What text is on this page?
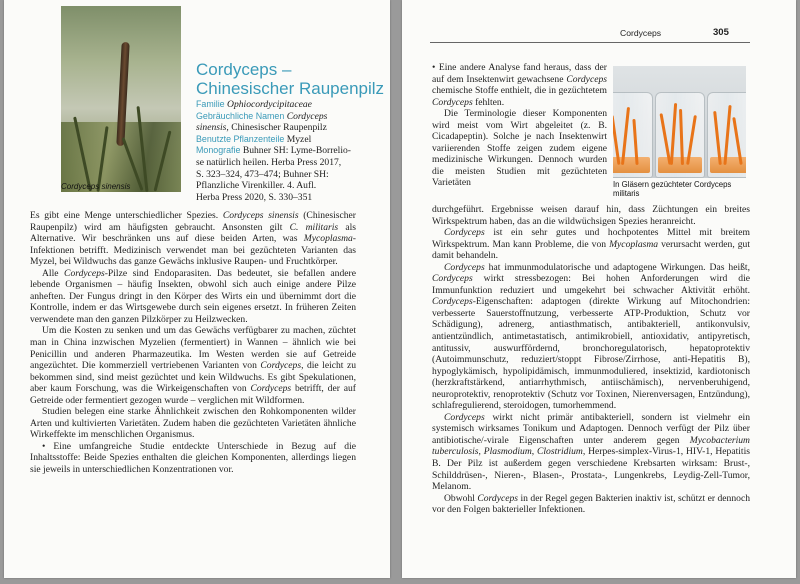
Cordyceps sinensis
Cordyceps –
Chinesischer Raupenpilz
Familie Ophiocordycipitaceae
Gebräuchliche Namen Cordyceps
sinensis, Chinesischer Raupenpilz
Benutzte Pflanzenteile Myzel
Monografie Buhner SH: Lyme-Borrelio-
se natürlich heilen. Herba Press 2017,
S. 323–324, 473–474; Buhner SH:
Pflanzliche Virenkiller. 4. Aufl.
Herba Press 2020, S. 330–351

Es gibt eine Menge unterschiedlicher Spezies. Cordyceps sinensis (Chinesischer Raupenpilz) wird am häufigsten gebraucht. Ansonsten gilt C. militaris als Alternative. Wir beschränken uns auf diese beiden Arten, was Mycoplasma-Infektionen betrifft. Medizinisch verwendet man bei gezüchteten Varianten das Myzel, bei Wildwuchs das ganze Gewächs inklusive Raupen- und Fruchtkörper.

Alle Cordyceps-Pilze sind Endoparasiten. Das bedeutet, sie befallen andere lebende Organismen – häufig Insekten, obwohl sich auch einige andere Pilze anheften. Der Fungus dringt in den Körper des Wirts ein und übernimmt dort die Kontrolle, indem er das Wirtsgewebe durch sein eigenes ersetzt. In früheren Zeiten verwendete man den ganzen Pilzkörper zu Heilzwecken.

Um die Kosten zu senken und um das Gewächs verfügbarer zu machen, züchtet man in China inzwischen Myzelien (fermentiert) in Wannen – ähnlich wie bei Penicillin und anderen Pharmazeutika. Im Westen werden sie auf Getreide angezüchtet. Die kommerziell vertriebenen Varianten von Cordyceps, die leicht zu bekommen sind, sind meist gezüchtet und kein Wildwuchs. Es gibt Spekulationen, aber kaum Forschung, was die Wirkeigenschaften von Cordyceps betrifft, der auf Getreide oder fermentiert gezogen wurde – verglichen mit Wildformen.

Studien belegen eine starke Ähnlichkeit zwischen den Rohkomponenten wilder Arten und kultivierten Varietäten. Zudem haben die gezüchteten Varietäten ähnliche Wirkeffekte im menschlichen Organismus.

• Eine umfangreiche Studie entdeckte Unterschiede in Bezug auf die Inhaltsstoffe: Beide Spezies enthalten die gleichen Komponenten, allerdings liegen sie jeweils in unterschiedlichen Konzentrationen vor.

Cordyceps	305
In Gläsern gezüchteter Cordyceps militaris

• Eine andere Analyse fand heraus, dass der auf dem Insektenwirt gewachsene Cordyceps chemische Stoffe enthielt, die in gezüchtetem Cordyceps fehlten.

Die Terminologie dieser Komponenten wird meist vom Wirt abgeleitet (z. B. Cicadapeptin). Solche je nach Insektenwirt variierenden Stoffe zeigen zudem eigene medizinische Wirkungen. Dennoch wurden die meisten Studien mit gezüchteten Varietäten

durchgeführt. Ergebnisse weisen darauf hin, dass Züchtungen ein breites Wirkspektrum haben, das an die wildwüchsigen Spezies heranreicht.

Cordyceps ist ein sehr gutes und hochpotentes Mittel mit breitem Wirkspektrum. Man kann Probleme, die von Mycoplasma verursacht werden, gut damit behandeln.

Cordyceps hat immunmodulatorische und adaptogene Wirkungen. Das heißt, Cordyceps wirkt stressbezogen: Bei hohen Anforderungen wird die Immunfunktion reduziert und umgekehrt bei schwacher Aktivität erhöht. Cordyceps-Eigenschaften: adaptogen (direkte Wirkung auf Mitochondrien: verbesserte Sauerstoffnutzung, verbesserte ATP-Produktion, Schutz vor Schädigung), adrenerg, antiasthmatisch, antibakteriell, antikonvulsiv, antientzündlich, antimetastatisch, antimikrobiell, antioxidativ, antipyretisch, antitussiv, auswurffördernd, bronchoregulatorisch, hepatoprotektiv (Autoimmunschutz, reduziert/stoppt Fibrose/Zirrhose, anti-Hepatitis B), hypoglykämisch, hypolipidämisch, immunmoduliered, insektizid, kardiotonisch (herzkraftstärkend, antiarrhythmisch, antiischämisch), nervenberuhigend, neuroprotektiv, renoprotektiv (Schutz vor Toxinen, Nierenversagen, Entzündung), schlafregulierend, steroidogen, tumorhemmend.

Cordyceps wirkt nicht primär antibakteriell, sondern ist vielmehr ein systemisch wirksames Tonikum und Adaptogen. Dennoch verfügt der Pilz über antibiotische/-virale Eigenschaften unter anderem gegen Mycobacterium tuberculosis, Plasmodium, Clostridium, Herpes-simplex-Virus-1, HIV-1, Hepatitis B. Der Pilz ist außerdem gegen verschiedene Krebsarten wirksam: Brust-, Schilddrüsen-, Nieren-, Blasen-, Prostata-, Lungenkrebs, Leydig-Zell-Tumor, Melanom.

Obwohl Cordyceps in der Regel gegen Bakterien inaktiv ist, schützt er dennoch vor den Folgen bakterieller Infektionen.
